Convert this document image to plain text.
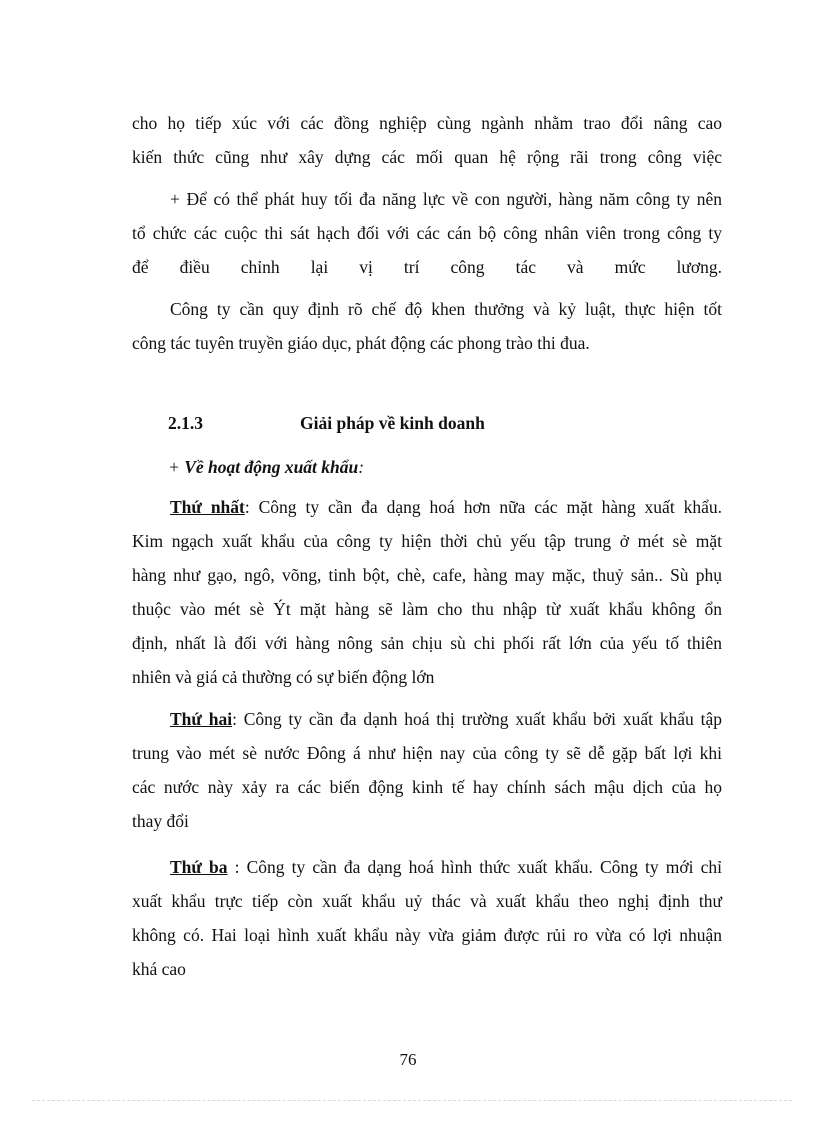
cho họ tiếp xúc với các đồng nghiệp cùng ngành nhằm trao đổi nâng cao
kiến thức cũng như xây dựng các mối quan hệ rộng rãi trong công việc
+ Để có thể phát huy tối đa năng lực về con người, hàng năm công ty nên
tổ chức các cuộc thi sát hạch đối với các cán bộ công nhân viên trong công ty
để điều chỉnh lại vị trí công tác và mức lương.
Công ty cần quy định rõ chế độ khen thưởng và kỷ luật, thực hiện tốt
công tác tuyên truyền giáo dục, phát động các phong trào thi đua.
2.1.3	Giải pháp về kinh doanh
+ Về hoạt động xuất khẩu:
Thứ nhất: Công ty cần đa dạng hoá hơn nữa các mặt hàng xuất khẩu.
Kim ngạch xuất khẩu của công ty hiện thời chủ yếu tập trung ở mét sè mặt
hàng như gạo, ngô, võng, tinh bột, chè, cafe, hàng may mặc, thuỷ sản.. Sù phụ
thuộc vào mét sè Ýt mặt hàng sẽ làm cho thu nhập từ xuất khẩu không ổn
định, nhất là đối với hàng nông sản chịu sù chi phối rất lớn của yếu tố thiên
nhiên và giá cả thường có sự biến động lớn
Thứ hai: Công ty cần đa dạnh hoá thị trường xuất khẩu bởi xuất khẩu tập
trung vào mét sè nước Đông á như hiện nay của công ty sẽ dễ gặp bất lợi khi
các nước này xảy ra các biến động kinh tế hay chính sách mậu dịch của họ
thay đổi
Thứ ba : Công ty cần đa dạng hoá hình thức xuất khẩu. Công ty mới chỉ
xuất khẩu trực tiếp còn xuất khẩu uỷ thác và xuất khẩu theo nghị định thư
không có. Hai loại hình xuất khẩu này vừa giảm được rủi ro vừa có lợi nhuận
khá cao
76
